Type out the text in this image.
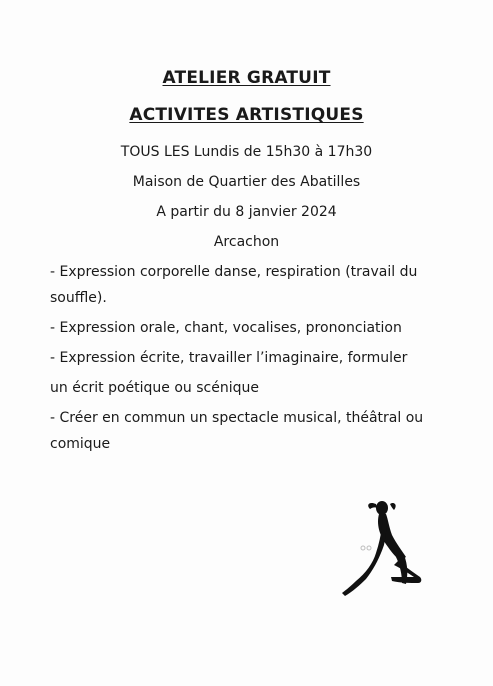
ATELIER GRATUIT
ACTIVITES ARTISTIQUES
TOUS LES Lundis de 15h30 à 17h30
Maison de Quartier des Abatilles
A partir du 8 janvier 2024
Arcachon
- Expression corporelle danse, respiration (travail du
souffle).
- Expression orale, chant, vocalises, prononciation
- Expression écrite, travailler l’imaginaire, formuler
un écrit poétique ou scénique
- Créer en commun un spectacle musical, théâtral ou
comique
